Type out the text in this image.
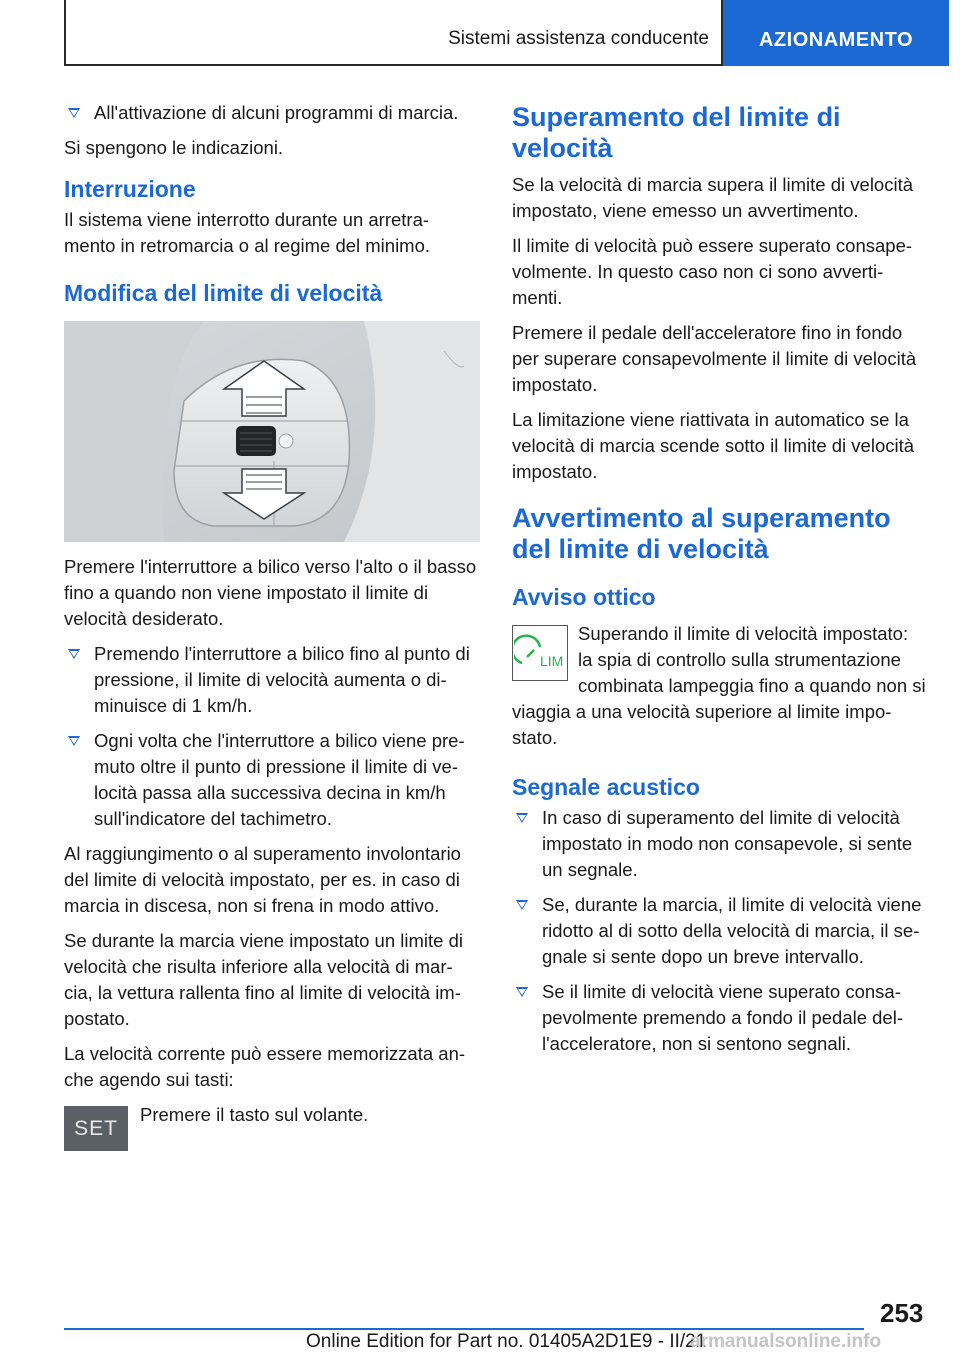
Sistemi assistenza conducente	AZIONAMENTO
All'attivazione di alcuni programmi di marcia.

Si spengono le indicazioni.

Interruzione

Il sistema viene interrotto durante un arretra-mento in retromarcia o al regime del minimo.

Modifica del limite di velocità

Premere l'interruttore a bilico verso l'alto o il basso fino a quando non viene impostato il limite di velocità desiderato.

Premendo l'interruttore a bilico fino al punto di pressione, il limite di velocità aumenta o di-minuisce di 1 km/h.
Ogni volta che l'interruttore a bilico viene pre-muto oltre il punto di pressione il limite di ve-locità passa alla successiva decina in km/h sull'indicatore del tachimetro.

Al raggiungimento o al superamento involontario del limite di velocità impostato, per es. in caso di marcia in discesa, non si frena in modo attivo.

Se durante la marcia viene impostato un limite di velocità che risulta inferiore alla velocità di mar-cia, la vettura rallenta fino al limite di velocità im-postato.

La velocità corrente può essere memorizzata an-che agendo sui tasti:

SET

Premere il tasto sul volante.

Superamento del limite di velocità

Se la velocità di marcia supera il limite di velocità impostato, viene emesso un avvertimento.

Il limite di velocità può essere superato consape-volmente. In questo caso non ci sono avverti-menti.

Premere il pedale dell'acceleratore fino in fondo per superare consapevolmente il limite di velocità impostato.

La limitazione viene riattivata in automatico se la velocità di marcia scende sotto il limite di velocità impostato.

Avvertimento al superamento del limite di velocità
Avviso ottico
LIM

Superando il limite di velocità impostato: la spia di controllo sulla strumentazione combinata lampeggia fino a quando non si viaggia a una velocità superiore al limite impo-stato.

Segnale acustico
In caso di superamento del limite di velocità impostato in modo non consapevole, si sente un segnale.
Se, durante la marcia, il limite di velocità viene ridotto al di sotto della velocità di marcia, il se-gnale si sente dopo un breve intervallo.
Se il limite di velocità viene superato consa-pevolmente premendo a fondo il pedale del-l'acceleratore, non si sentono segnali.
253
Online Edition for Part no. 01405A2D1E9 - II/21
armanualsonline.info
